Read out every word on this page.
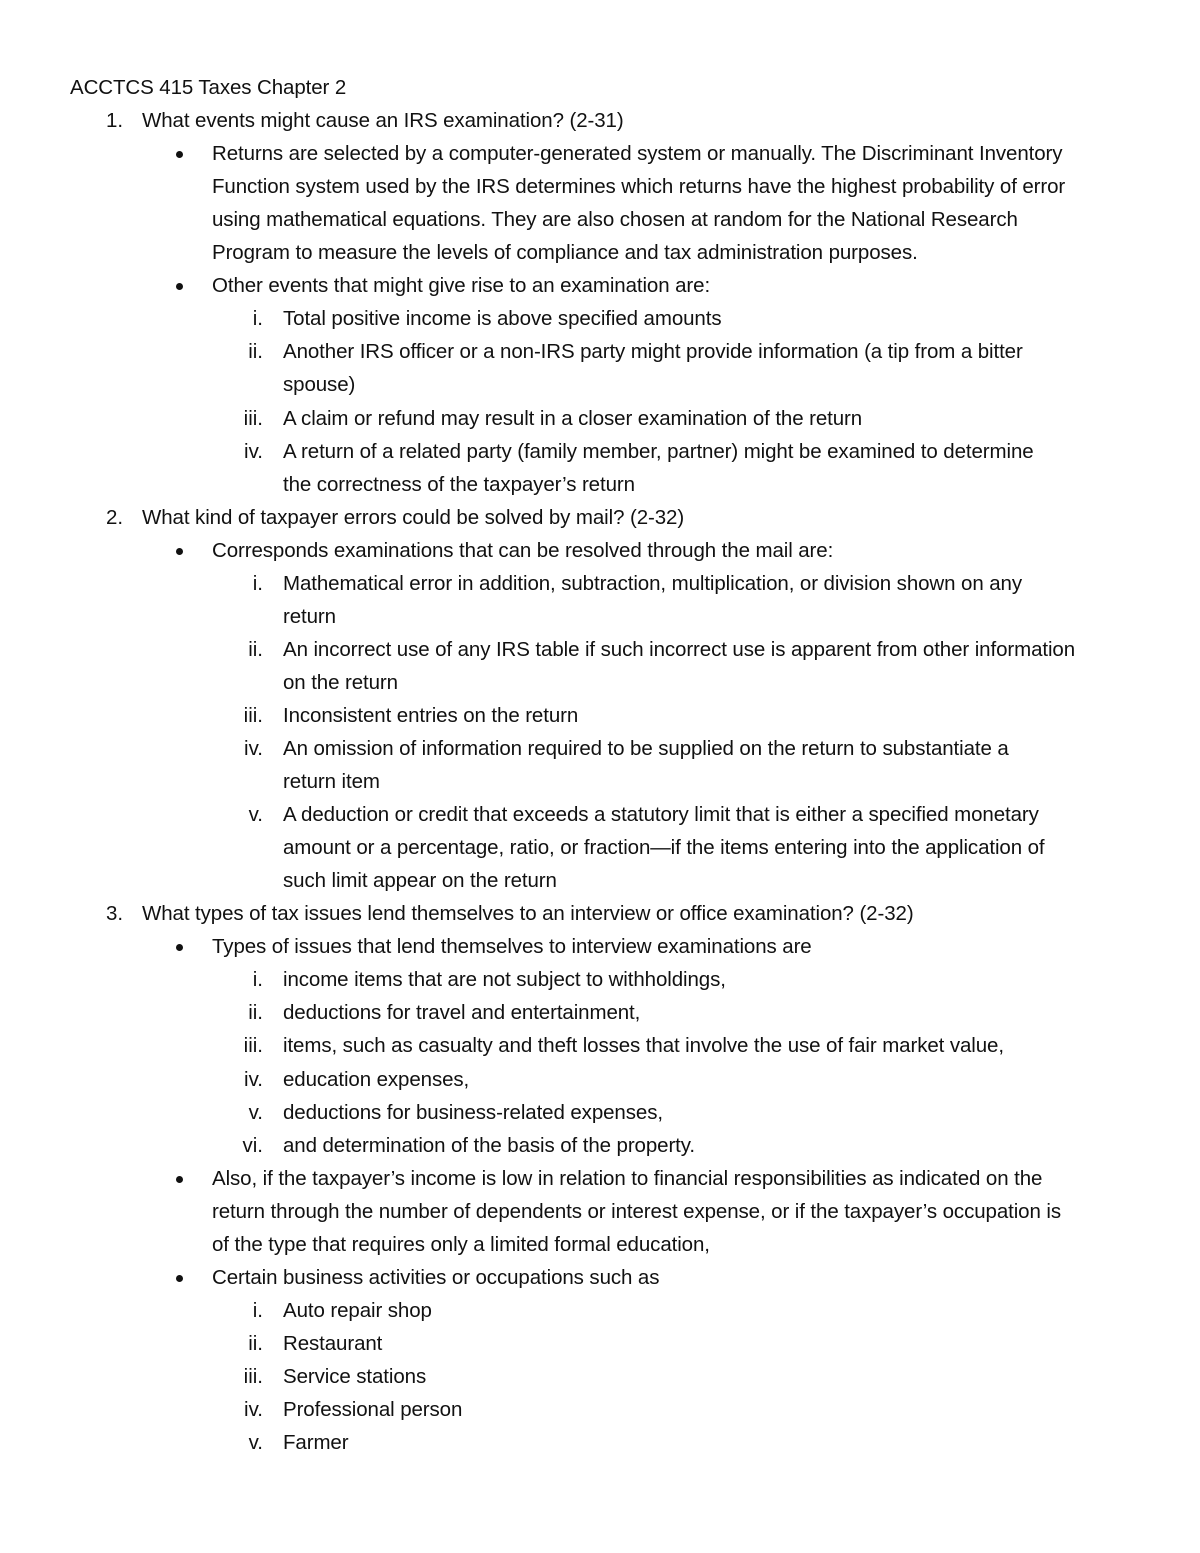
ACCTCS 415 Taxes Chapter 2
1. What events might cause an IRS examination? (2-31)
Returns are selected by a computer-generated system or manually. The Discriminant Inventory
Function system used by the IRS determines which returns have the highest probability of error
using mathematical equations. They are also chosen at random for the National Research
Program to measure the levels of compliance and tax administration purposes.
Other events that might give rise to an examination are:
i. Total positive income is above specified amounts
ii. Another IRS officer or a non-IRS party might provide information (a tip from a bitter
spouse)
iii. A claim or refund may result in a closer examination of the return
iv. A return of a related party (family member, partner) might be examined to determine
the correctness of the taxpayer’s return
2. What kind of taxpayer errors could be solved by mail? (2-32)
Corresponds examinations that can be resolved through the mail are:
i. Mathematical error in addition, subtraction, multiplication, or division shown on any
return
ii. An incorrect use of any IRS table if such incorrect use is apparent from other information
on the return
iii. Inconsistent entries on the return
iv. An omission of information required to be supplied on the return to substantiate a
return item
v. A deduction or credit that exceeds a statutory limit that is either a specified monetary
amount or a percentage, ratio, or fraction—if the items entering into the application of
such limit appear on the return
3. What types of tax issues lend themselves to an interview or office examination? (2-32)
Types of issues that lend themselves to interview examinations are
i. income items that are not subject to withholdings,
ii. deductions for travel and entertainment,
iii. items, such as casualty and theft losses that involve the use of fair market value,
iv. education expenses,
v. deductions for business-related expenses,
vi. and determination of the basis of the property.
Also, if the taxpayer’s income is low in relation to financial responsibilities as indicated on the
return through the number of dependents or interest expense, or if the taxpayer’s occupation is
of the type that requires only a limited formal education,
Certain business activities or occupations such as
i. Auto repair shop
ii. Restaurant
iii. Service stations
iv. Professional person
v. Farmer
